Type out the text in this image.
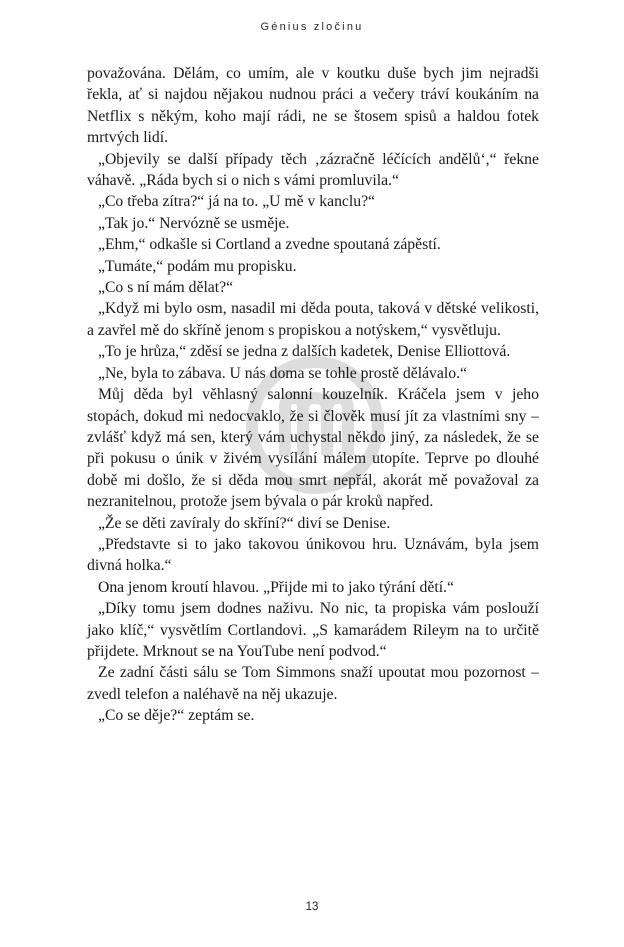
Génius zločinu

považována. Dělám, co umím, ale v koutku duše bych jim nejradši řekla, ať si najdou nějakou nudnou práci a večery tráví koukáním na Netflix s někým, koho mají rádi, ne se štosem spisů a haldou fotek mrtvých lidí.

„Objevily se další případy těch ‚zázračně léčících andělů‘,“ řekne váhavě. „Ráda bych si o nich s vámi promluvila.“

„Co třeba zítra?“ já na to. „U mě v kanclu?“

„Tak jo.“ Nervózně se usměje.

„Ehm,“ odkašle si Cortland a zvedne spoutaná zápěstí.

„Tumáte,“ podám mu propisku.

„Co s ní mám dělat?“

„Když mi bylo osm, nasadil mi děda pouta, taková v dětské velikosti, a zavřel mě do skříně jenom s propiskou a notýskem,“ vysvětluju.

„To je hrůza,“ zděsí se jedna z dalších kadetek, Denise Elliottová.

„Ne, byla to zábava. U nás doma se tohle prostě dělávalo.“

Můj děda byl věhlasný salonní kouzelník. Kráčela jsem v jeho stopách, dokud mi nedocvaklo, že si člověk musí jít za vlastními sny – zvlášť když má sen, který vám uchystal někdo jiný, za následek, že se při pokusu o únik v živém vysílání málem utopíte. Teprve po dlouhé době mi došlo, že si děda mou smrt nepřál, akorát mě považoval za nezranitelnou, protože jsem bývala o pár kroků napřed.

„Že se děti zavíraly do skříní?“ diví se Denise.

„Představte si to jako takovou únikovou hru. Uznávám, byla jsem divná holka.“

Ona jenom kroutí hlavou. „Přijde mi to jako týrání dětí.“

„Díky tomu jsem dodnes naživu. No nic, ta propiska vám poslouží jako klíč,“ vysvětlím Cortlandovi. „S kamarádem Rileym na to určitě přijdete. Mrknout se na YouTube není podvod.“

Ze zadní části sálu se Tom Simmons snaží upoutat mou pozornost – zvedl telefon a naléhavě na něj ukazuje.

„Co se děje?“ zeptám se.

13
